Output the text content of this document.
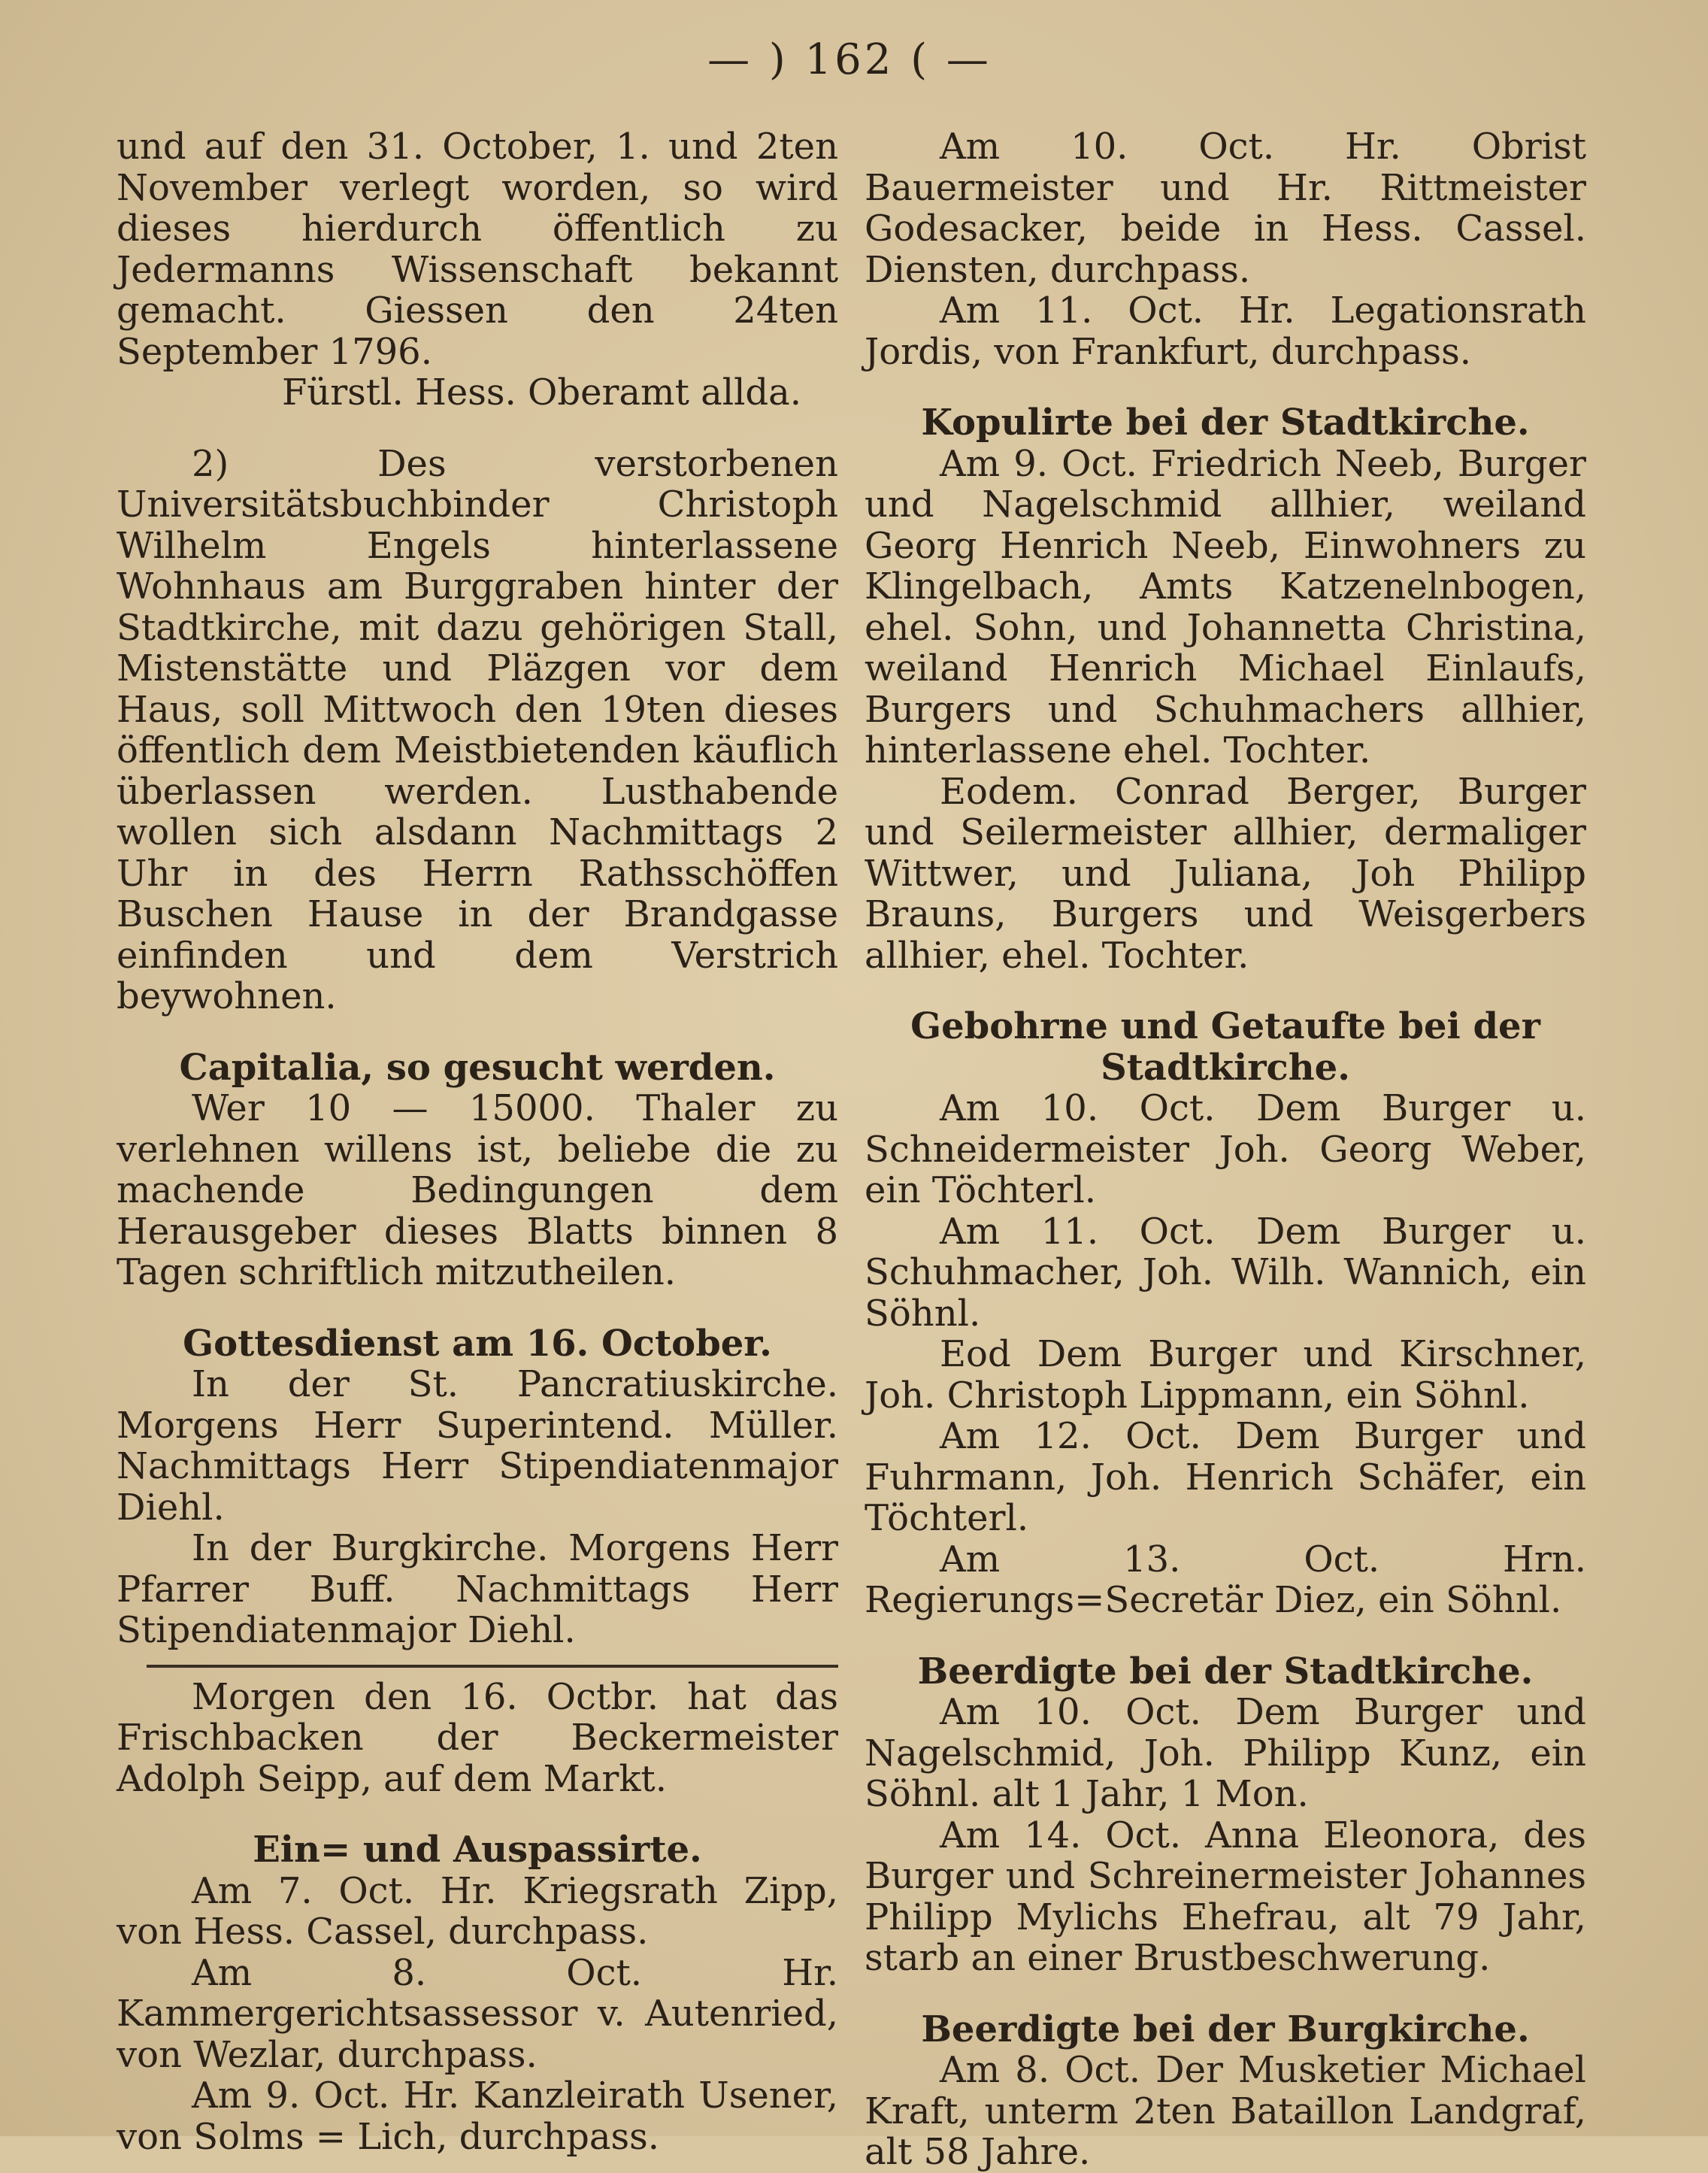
— ) 162 ( —

und auf den 31. October, 1. und 2ten November verlegt worden, so wird dieses hierdurch öffentlich zu Jedermanns Wissenschaft bekannt gemacht. Giessen den 24ten September 1796.

Fürstl. Hess. Oberamt allda.

2) Des verstorbenen Universitätsbuchbinder Christoph Wilhelm Engels hinterlassene Wohnhaus am Burggraben hinter der Stadtkirche, mit dazu gehörigen Stall, Mistenstätte und Pläzgen vor dem Haus, soll Mittwoch den 19ten dieses öffentlich dem Meistbietenden käuflich überlassen werden. Lusthabende wollen sich alsdann Nachmittags 2 Uhr in des Herrn Rathsschöffen Buschen Hause in der Brandgasse einfinden und dem Verstrich beywohnen.

Capitalia, so gesucht werden.

Wer 10 — 15000. Thaler zu verlehnen willens ist, beliebe die zu machende Bedingungen dem Herausgeber dieses Blatts binnen 8 Tagen schriftlich mitzutheilen.

Gottesdienst am 16. October.

In der St. Pancratiuskirche. Morgens Herr Superintend. Müller. Nachmittags Herr Stipendiatenmajor Diehl.

In der Burgkirche. Morgens Herr Pfarrer Buff. Nachmittags Herr Stipendiatenmajor Diehl.

Morgen den 16. Octbr. hat das Frischbacken der Beckermeister Adolph Seipp, auf dem Markt.

Ein= und Auspassirte.

Am 7. Oct. Hr. Kriegsrath Zipp, von Hess. Cassel, durchpass.

Am 8. Oct. Hr. Kammergerichtsassessor v. Autenried, von Wezlar, durchpass.

Am 9. Oct. Hr. Kanzleirath Usener, von Solms = Lich, durchpass.

Am 10. Oct. Hr. Obrist Bauermeister und Hr. Rittmeister Godesacker, beide in Hess. Cassel. Diensten, durchpass.

Am 11. Oct. Hr. Legationsrath Jordis, von Frankfurt, durchpass.

Kopulirte bei der Stadtkirche.

Am 9. Oct. Friedrich Neeb, Burger und Nagelschmid allhier, weiland Georg Henrich Neeb, Einwohners zu Klingelbach, Amts Katzenelnbogen, ehel. Sohn, und Johannetta Christina, weiland Henrich Michael Einlaufs, Burgers und Schuhmachers allhier, hinterlassene ehel. Tochter.

Eodem. Conrad Berger, Burger und Seilermeister allhier, dermaliger Wittwer, und Juliana, Joh Philipp Brauns, Burgers und Weisgerbers allhier, ehel. Tochter.

Gebohrne und Getaufte bei der Stadtkirche.

Am 10. Oct. Dem Burger u. Schneidermeister Joh. Georg Weber, ein Töchterl.

Am 11. Oct. Dem Burger u. Schuhmacher, Joh. Wilh. Wannich, ein Söhnl.

Eod Dem Burger und Kirschner, Joh. Christoph Lippmann, ein Söhnl.

Am 12. Oct. Dem Burger und Fuhrmann, Joh. Henrich Schäfer, ein Töchterl.

Am 13. Oct. Hrn. Regierungs=Secretär Diez, ein Söhnl.

Beerdigte bei der Stadtkirche.

Am 10. Oct. Dem Burger und Nagelschmid, Joh. Philipp Kunz, ein Söhnl. alt 1 Jahr, 1 Mon.

Am 14. Oct. Anna Eleonora, des Burger und Schreinermeister Johannes Philipp Mylichs Ehefrau, alt 79 Jahr, starb an einer Brustbeschwerung.

Beerdigte bei der Burgkirche.

Am 8. Oct. Der Musketier Michael Kraft, unterm 2ten Bataillon Landgraf, alt 58 Jahre.
